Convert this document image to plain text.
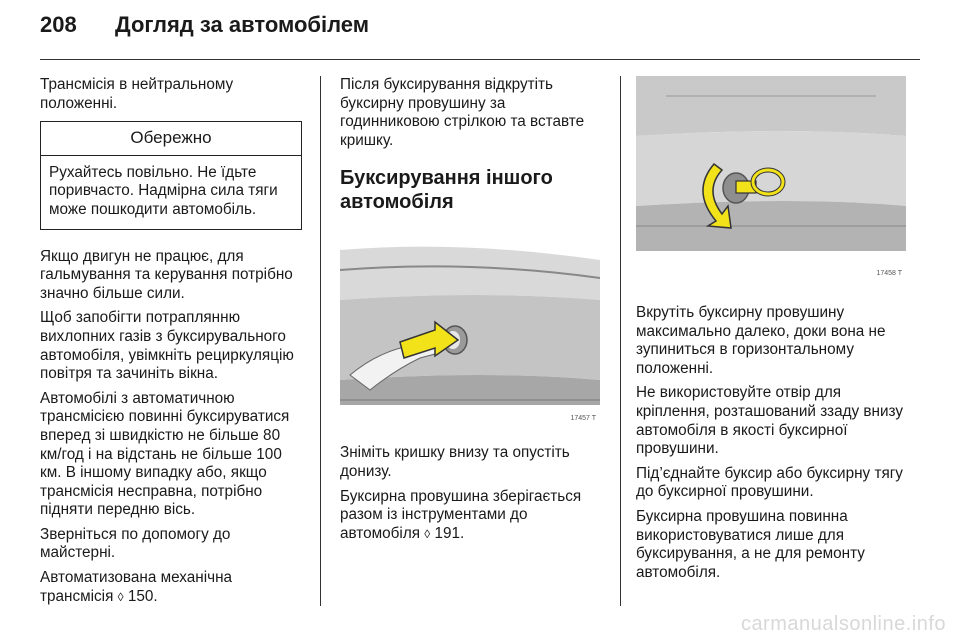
208 Догляд за автомобілем

Трансмісія в нейтральному положенні.

Обережно
Рухайтесь повільно. Не їдьте поривчасто. Надмірна сила тяги може пошкодити автомобіль.

Якщо двигун не працює, для гальмування та керування потрібно значно більше сили.

Щоб запобігти потраплянню вихлопних газів з буксирувального автомобіля, увімкніть рециркуляцію повітря та зачиніть вікна.

Автомобілі з автоматичною трансмісією повинні буксируватися вперед зі швидкістю не більше 80 км/год і на відстань не більше 100 км. В іншому випадку або, якщо трансмісія несправна, потрібно підняти передню вісь.

Зверніться по допомогу до майстерні.

Автоматизована механічна трансмісія ◊ 150.

Після буксирування відкрутіть буксирну провушину за годинниковою стрілкою та вставте кришку.

Буксирування іншого автомобіля
17457 T

Зніміть кришку внизу та опустіть донизу.

Буксирна провушина зберігається разом із інструментами до автомобіля ◊ 191.

17458 T

Вкрутіть буксирну провушину максимально далеко, доки вона не зупиниться в горизонтальному положенні.

Не використовуйте отвір для кріплення, розташований ззаду внизу автомобіля в якості буксирної провушини.

Під’єднайте буксир або буксирну тягу до буксирної провушини.

Буксирна провушина повинна використовуватися лише для буксирування, а не для ремонту автомобіля.

carmanualsonline.info
